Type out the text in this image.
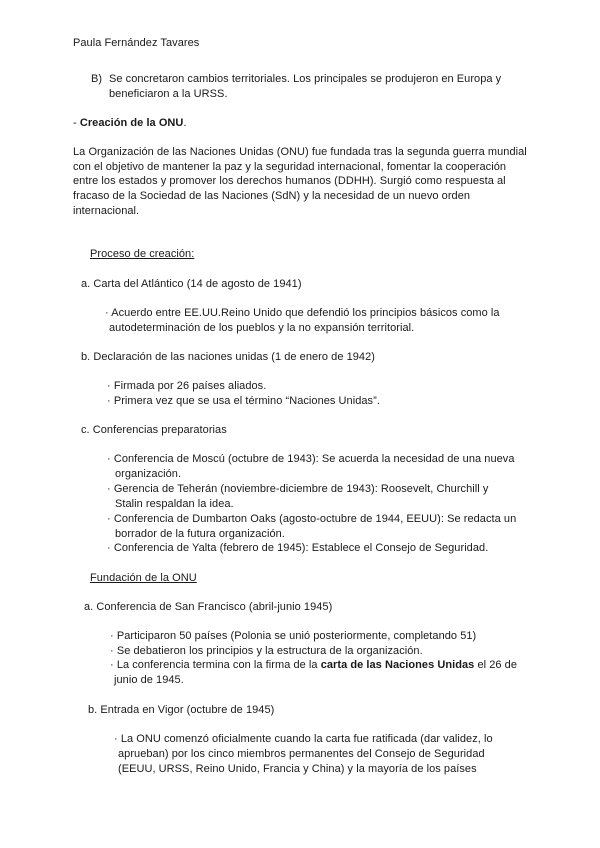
Paula Fernández Tavares
B) Se concretaron cambios territoriales. Los principales se produjeron en Europa y
beneficiaron a la URSS.
- Creación de la ONU.
La Organización de las Naciones Unidas (ONU) fue fundada tras la segunda guerra mundial
con el objetivo de mantener la paz y la seguridad internacional, fomentar la cooperación
entre los estados y promover los derechos humanos (DDHH). Surgió como respuesta al
fracaso de la Sociedad de las Naciones (SdN) y la necesidad de un nuevo orden
internacional.
Proceso de creación:
a. Carta del Atlántico (14 de agosto de 1941)
· Acuerdo entre EE.UU.Reino Unido que defendió los principios básicos como la
autodeterminación de los pueblos y la no expansión territorial.
b. Declaración de las naciones unidas (1 de enero de 1942)
· Firmada por 26 países aliados.
· Primera vez que se usa el término “Naciones Unidas”.
c. Conferencias preparatorias
· Conferencia de Moscú (octubre de 1943): Se acuerda la necesidad de una nueva
organización.
· Gerencia de Teherán (noviembre-diciembre de 1943): Roosevelt, Churchill y
Stalin respaldan la idea.
· Conferencia de Dumbarton Oaks (agosto-octubre de 1944, EEUU): Se redacta un
borrador de la futura organización.
· Conferencia de Yalta (febrero de 1945): Establece el Consejo de Seguridad.
Fundación de la ONU
a. Conferencia de San Francisco (abril-junio 1945)
· Participaron 50 países (Polonia se unió posteriormente, completando 51)
· Se debatieron los principios y la estructura de la organización.
· La conferencia termina con la firma de la carta de las Naciones Unidas el 26 de
junio de 1945.
b. Entrada en Vigor (octubre de 1945)
· La ONU comenzó oficialmente cuando la carta fue ratificada (dar validez, lo
aprueban) por los cinco miembros permanentes del Consejo de Seguridad
(EEUU, URSS, Reino Unido, Francia y China) y la mayoría de los países
